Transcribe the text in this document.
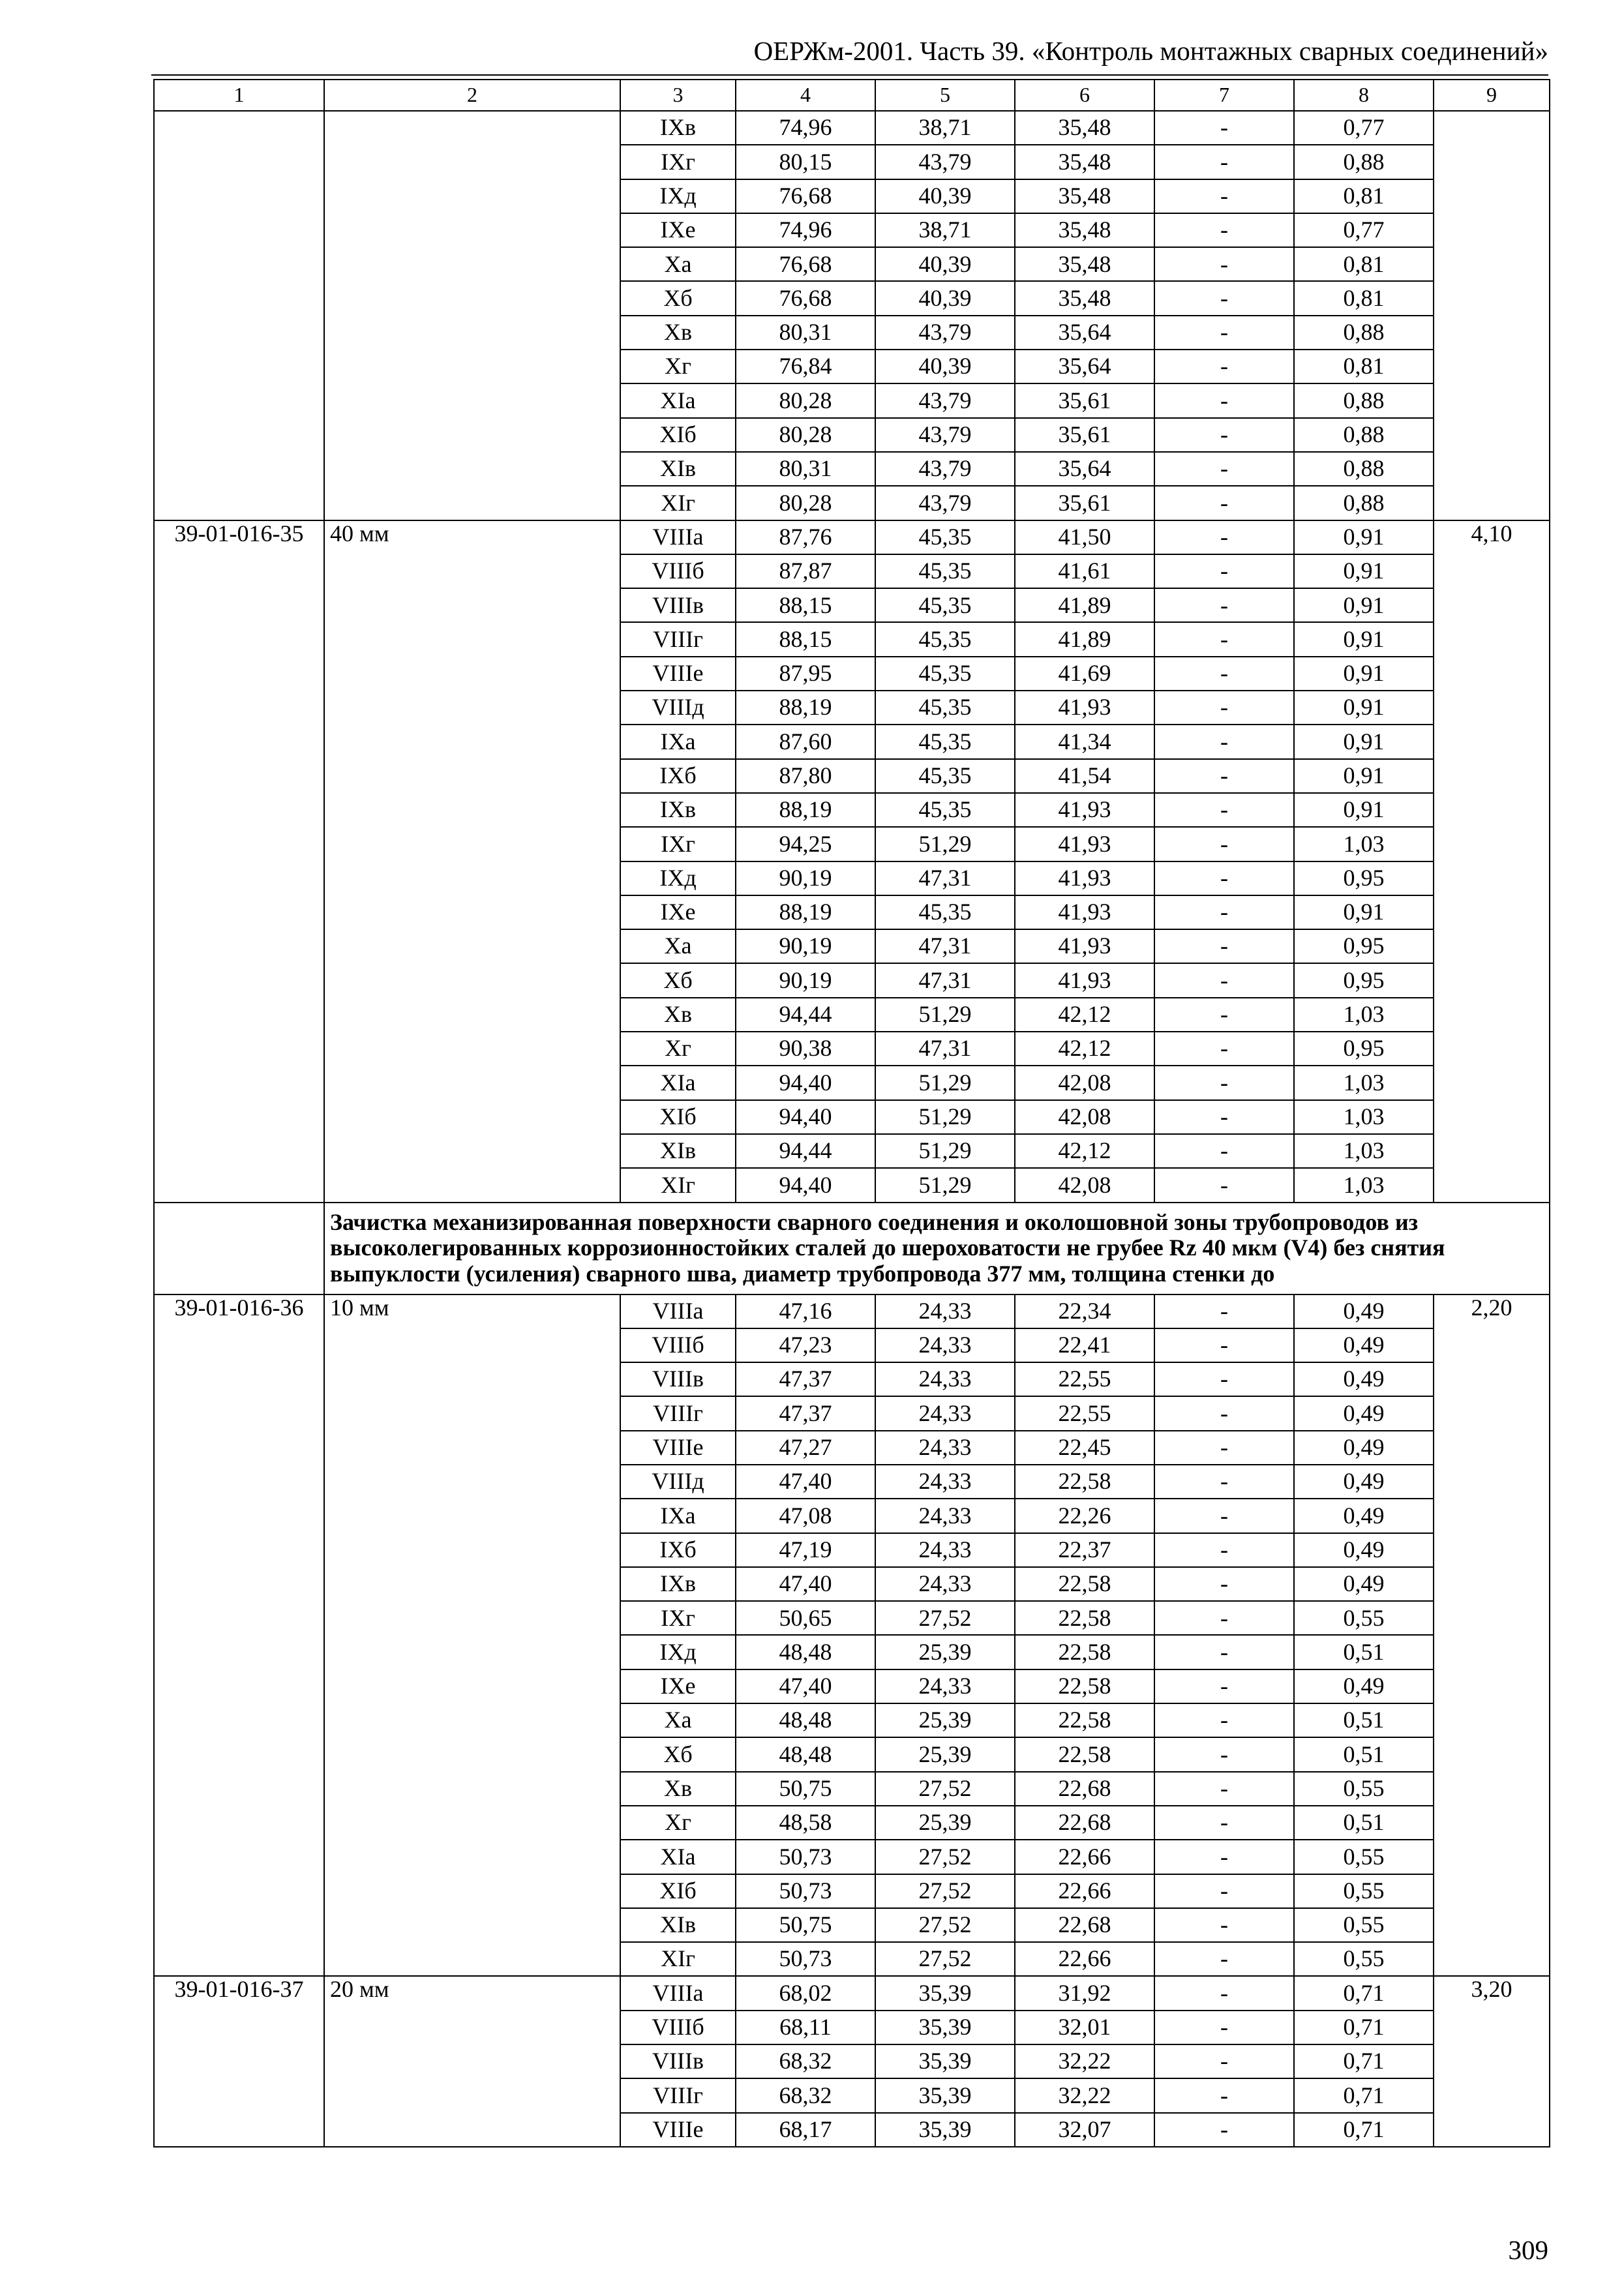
ОЕРЖм-2001. Часть 39. «Контроль монтажных сварных соединений»
1	2	3	4	5	6	7	8	9
		IXв	74,96	38,71	35,48	-	0,77	
		IXг	80,15	43,79	35,48	-	0,88	
		IXд	76,68	40,39	35,48	-	0,81	
		IXе	74,96	38,71	35,48	-	0,77	
		Xа	76,68	40,39	35,48	-	0,81	
		Xб	76,68	40,39	35,48	-	0,81	
		Xв	80,31	43,79	35,64	-	0,88	
		Xг	76,84	40,39	35,64	-	0,81	
		XIа	80,28	43,79	35,61	-	0,88	
		XIб	80,28	43,79	35,61	-	0,88	
		XIв	80,31	43,79	35,64	-	0,88	
		XIг	80,28	43,79	35,61	-	0,88	
39-01-016-35	40 мм	VIIIа	87,76	45,35	41,50	-	0,91	4,10
		VIIIб	87,87	45,35	41,61	-	0,91	
		VIIIв	88,15	45,35	41,89	-	0,91	
		VIIIг	88,15	45,35	41,89	-	0,91	
		VIIIе	87,95	45,35	41,69	-	0,91	
		VIIIд	88,19	45,35	41,93	-	0,91	
		IXа	87,60	45,35	41,34	-	0,91	
		IXб	87,80	45,35	41,54	-	0,91	
		IXв	88,19	45,35	41,93	-	0,91	
		IXг	94,25	51,29	41,93	-	1,03	
		IXд	90,19	47,31	41,93	-	0,95	
		IXе	88,19	45,35	41,93	-	0,91	
		Xа	90,19	47,31	41,93	-	0,95	
		Xб	90,19	47,31	41,93	-	0,95	
		Xв	94,44	51,29	42,12	-	1,03	
		Xг	90,38	47,31	42,12	-	0,95	
		XIа	94,40	51,29	42,08	-	1,03	
		XIб	94,40	51,29	42,08	-	1,03	
		XIв	94,44	51,29	42,12	-	1,03	
		XIг	94,40	51,29	42,08	-	1,03	
	Зачистка механизированная поверхности сварного соединения и околошовной зоны трубопроводов из высоколегированных коррозионностойких сталей до шероховатости не грубее Rz 40 мкм (V4) без снятия выпуклости (усиления) сварного шва, диаметр трубопровода 377 мм, толщина стенки до							
39-01-016-36	10 мм	VIIIа	47,16	24,33	22,34	-	0,49	2,20
		VIIIб	47,23	24,33	22,41	-	0,49	
		VIIIв	47,37	24,33	22,55	-	0,49	
		VIIIг	47,37	24,33	22,55	-	0,49	
		VIIIе	47,27	24,33	22,45	-	0,49	
		VIIIд	47,40	24,33	22,58	-	0,49	
		IXа	47,08	24,33	22,26	-	0,49	
		IXб	47,19	24,33	22,37	-	0,49	
		IXв	47,40	24,33	22,58	-	0,49	
		IXг	50,65	27,52	22,58	-	0,55	
		IXд	48,48	25,39	22,58	-	0,51	
		IXе	47,40	24,33	22,58	-	0,49	
		Xа	48,48	25,39	22,58	-	0,51	
		Xб	48,48	25,39	22,58	-	0,51	
		Xв	50,75	27,52	22,68	-	0,55	
		Xг	48,58	25,39	22,68	-	0,51	
		XIа	50,73	27,52	22,66	-	0,55	
		XIб	50,73	27,52	22,66	-	0,55	
		XIв	50,75	27,52	22,68	-	0,55	
		XIг	50,73	27,52	22,66	-	0,55	
39-01-016-37	20 мм	VIIIа	68,02	35,39	31,92	-	0,71	3,20
		VIIIб	68,11	35,39	32,01	-	0,71	
		VIIIв	68,32	35,39	32,22	-	0,71	
		VIIIг	68,32	35,39	32,22	-	0,71	
		VIIIе	68,17	35,39	32,07	-	0,71	
309
